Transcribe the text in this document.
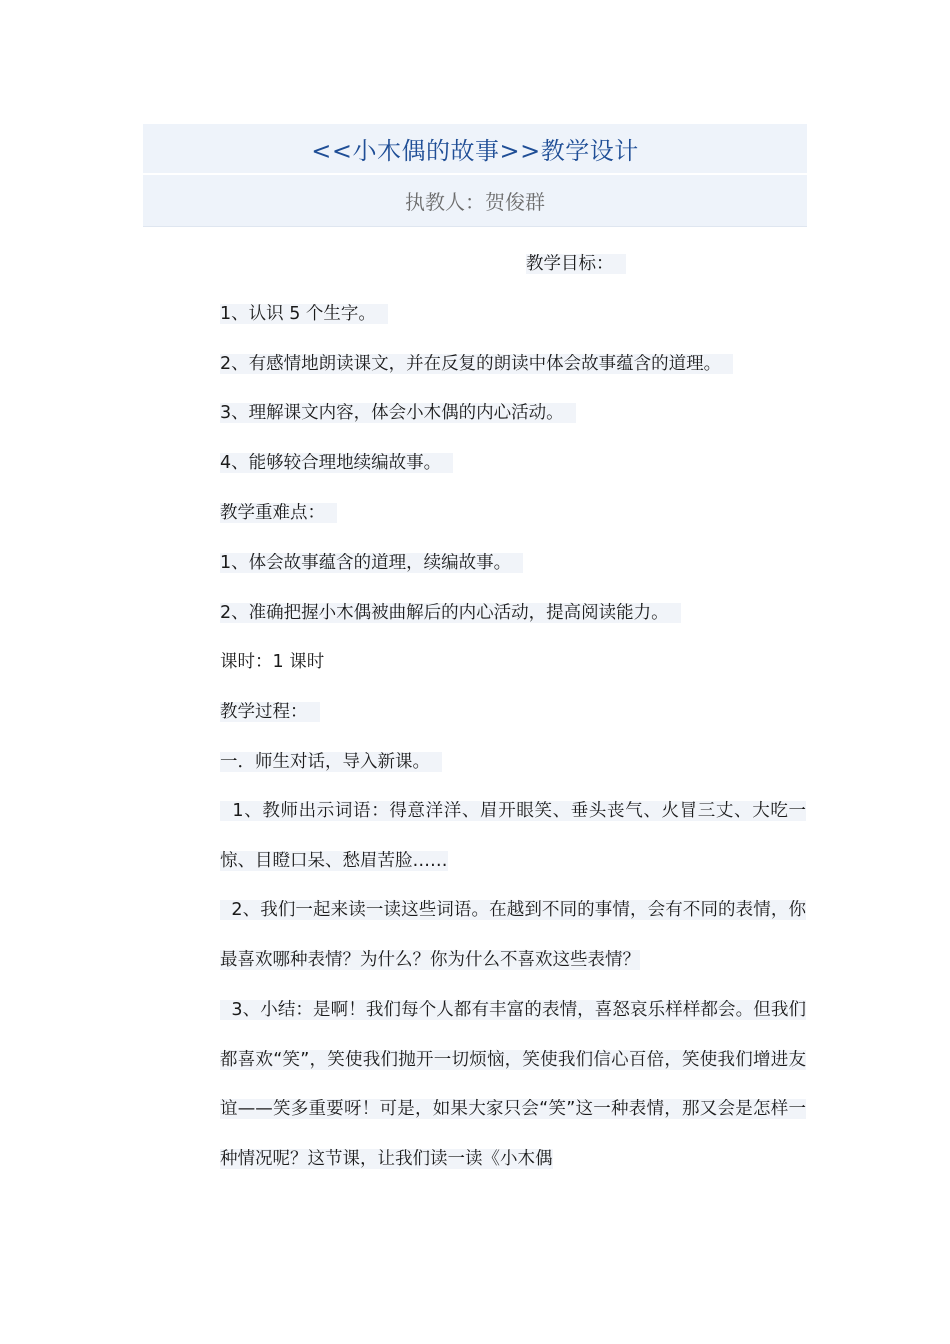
<<小木偶的故事>>教学设计
执教人：贺俊群
教学目标：
1、认识 5 个生字。
2、有感情地朗读课文，并在反复的朗读中体会故事蕴含的道理。
3、理解课文内容，体会小木偶的内心活动。
4、能够较合理地续编故事。
教学重难点：
1、体会故事蕴含的道理，续编故事。
2、准确把握小木偶被曲解后的内心活动，提高阅读能力。
课时：1 课时
教学过程：
一．师生对话，导入新课。
1、教师出示词语：得意洋洋、眉开眼笑、垂头丧气、火冒三丈、大吃一惊、目瞪口呆、愁眉苦脸……
2、我们一起来读一读这些词语。在越到不同的事情，会有不同的表情，你最喜欢哪种表情？为什么？你为什么不喜欢这些表情？
3、小结：是啊！我们每个人都有丰富的表情，喜怒哀乐样样都会。但我们都喜欢“笑”，笑使我们抛开一切烦恼，笑使我们信心百倍，笑使我们增进友谊——笑多重要呀！可是，如果大家只会“笑”这一种表情，那又会是怎样一种情况呢？这节课，让我们读一读《小木偶
